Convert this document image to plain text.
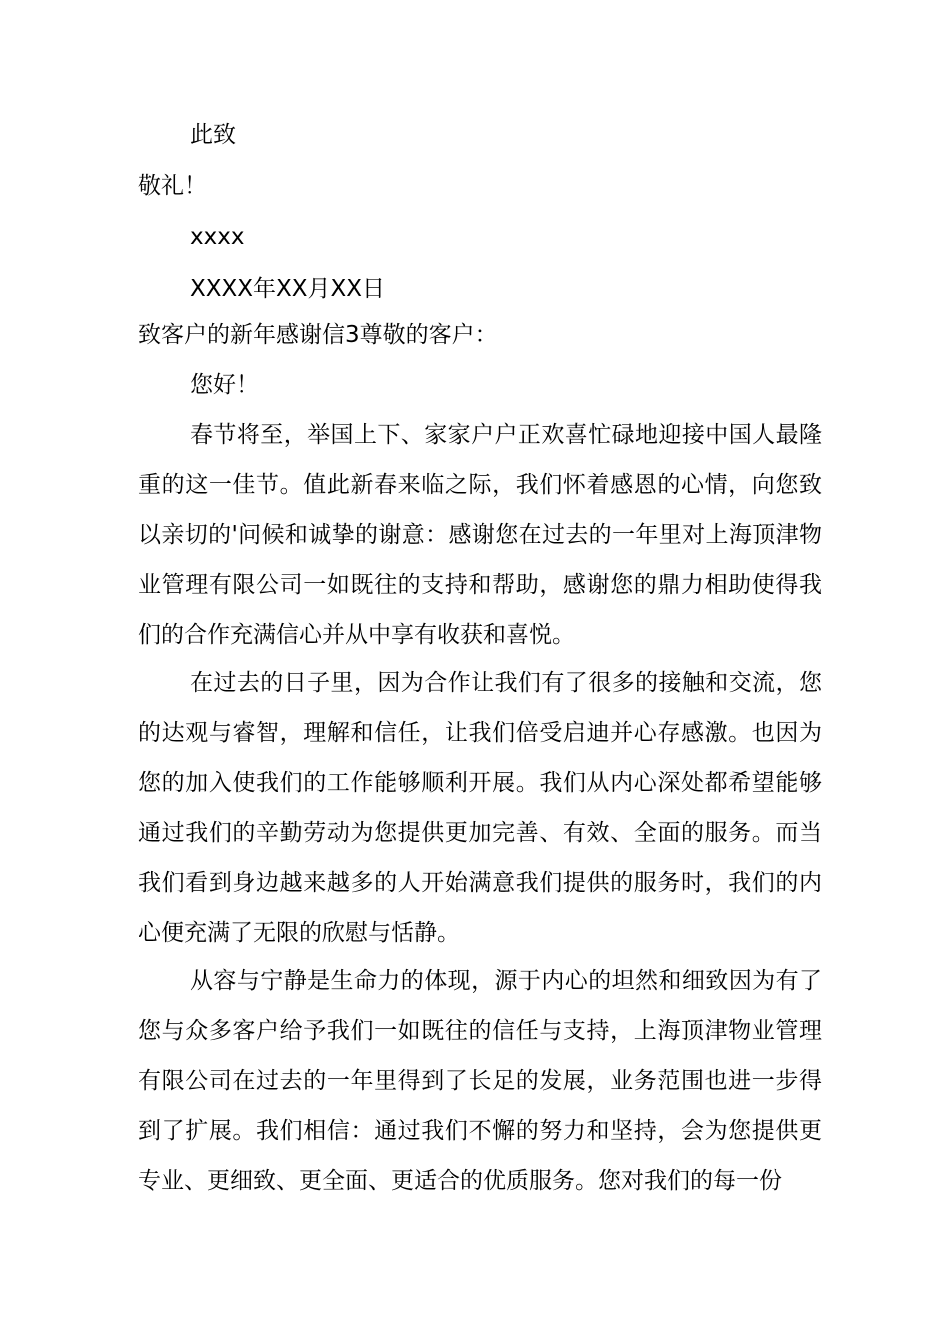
此致
敬礼！
xxxx
XXXX年XX月XX日
致客户的新年感谢信3尊敬的客户：
您好！

春节将至，举国上下、家家户户正欢喜忙碌地迎接中国人最隆重的这一佳节。值此新春来临之际，我们怀着感恩的心情，向您致以亲切的'问候和诚挚的谢意：感谢您在过去的一年里对上海顶津物业管理有限公司一如既往的支持和帮助，感谢您的鼎力相助使得我们的合作充满信心并从中享有收获和喜悦。

在过去的日子里，因为合作让我们有了很多的接触和交流，您的达观与睿智，理解和信任，让我们倍受启迪并心存感激。也因为您的加入使我们的工作能够顺利开展。我们从内心深处都希望能够通过我们的辛勤劳动为您提供更加完善、有效、全面的服务。而当我们看到身边越来越多的人开始满意我们提供的服务时，我们的内心便充满了无限的欣慰与恬静。

从容与宁静是生命力的体现，源于内心的坦然和细致因为有了您与众多客户给予我们一如既往的信任与支持，上海顶津物业管理有限公司在过去的一年里得到了长足的发展，业务范围也进一步得到了扩展。我们相信：通过我们不懈的努力和坚持，会为您提供更专业、更细致、更全面、更适合的优质服务。您对我们的每一份
